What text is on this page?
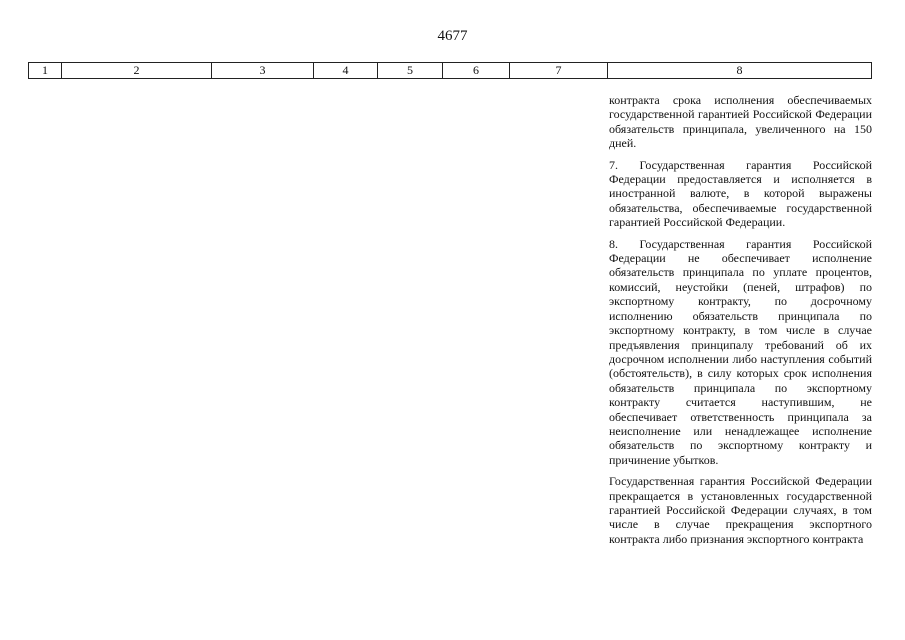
4677
1	2	3	4	5	6	7	8

контракта срока исполнения обеспечиваемых государственной гарантией Российской Федерации обязательств принципала, увеличенного на 150 дней.

7. Государственная гарантия Российской Федерации предоставляется и исполняется в иностранной валюте, в которой выражены обязательства, обеспечиваемые государственной гарантией Российской Федерации.

8. Государственная гарантия Российской Федерации не обеспечивает исполнение обязательств принципала по уплате процентов, комиссий, неустойки (пеней, штрафов) по экспортному контракту, по досрочному исполнению обязательств принципала по экспортному контракту, в том числе в случае предъявления принципалу требований об их досрочном исполнении либо наступления событий (обстоятельств), в силу которых срок исполнения обязательств принципала по экспортному контракту считается наступившим, не обеспечивает ответственность принципала за неисполнение или ненадлежащее исполнение обязательств по экспортному контракту и причинение убытков.

Государственная гарантия Российской Федерации прекращается в установленных государственной гарантией Российской Федерации случаях, в том числе в случае прекращения экспортного контракта либо признания экспортного контракта
